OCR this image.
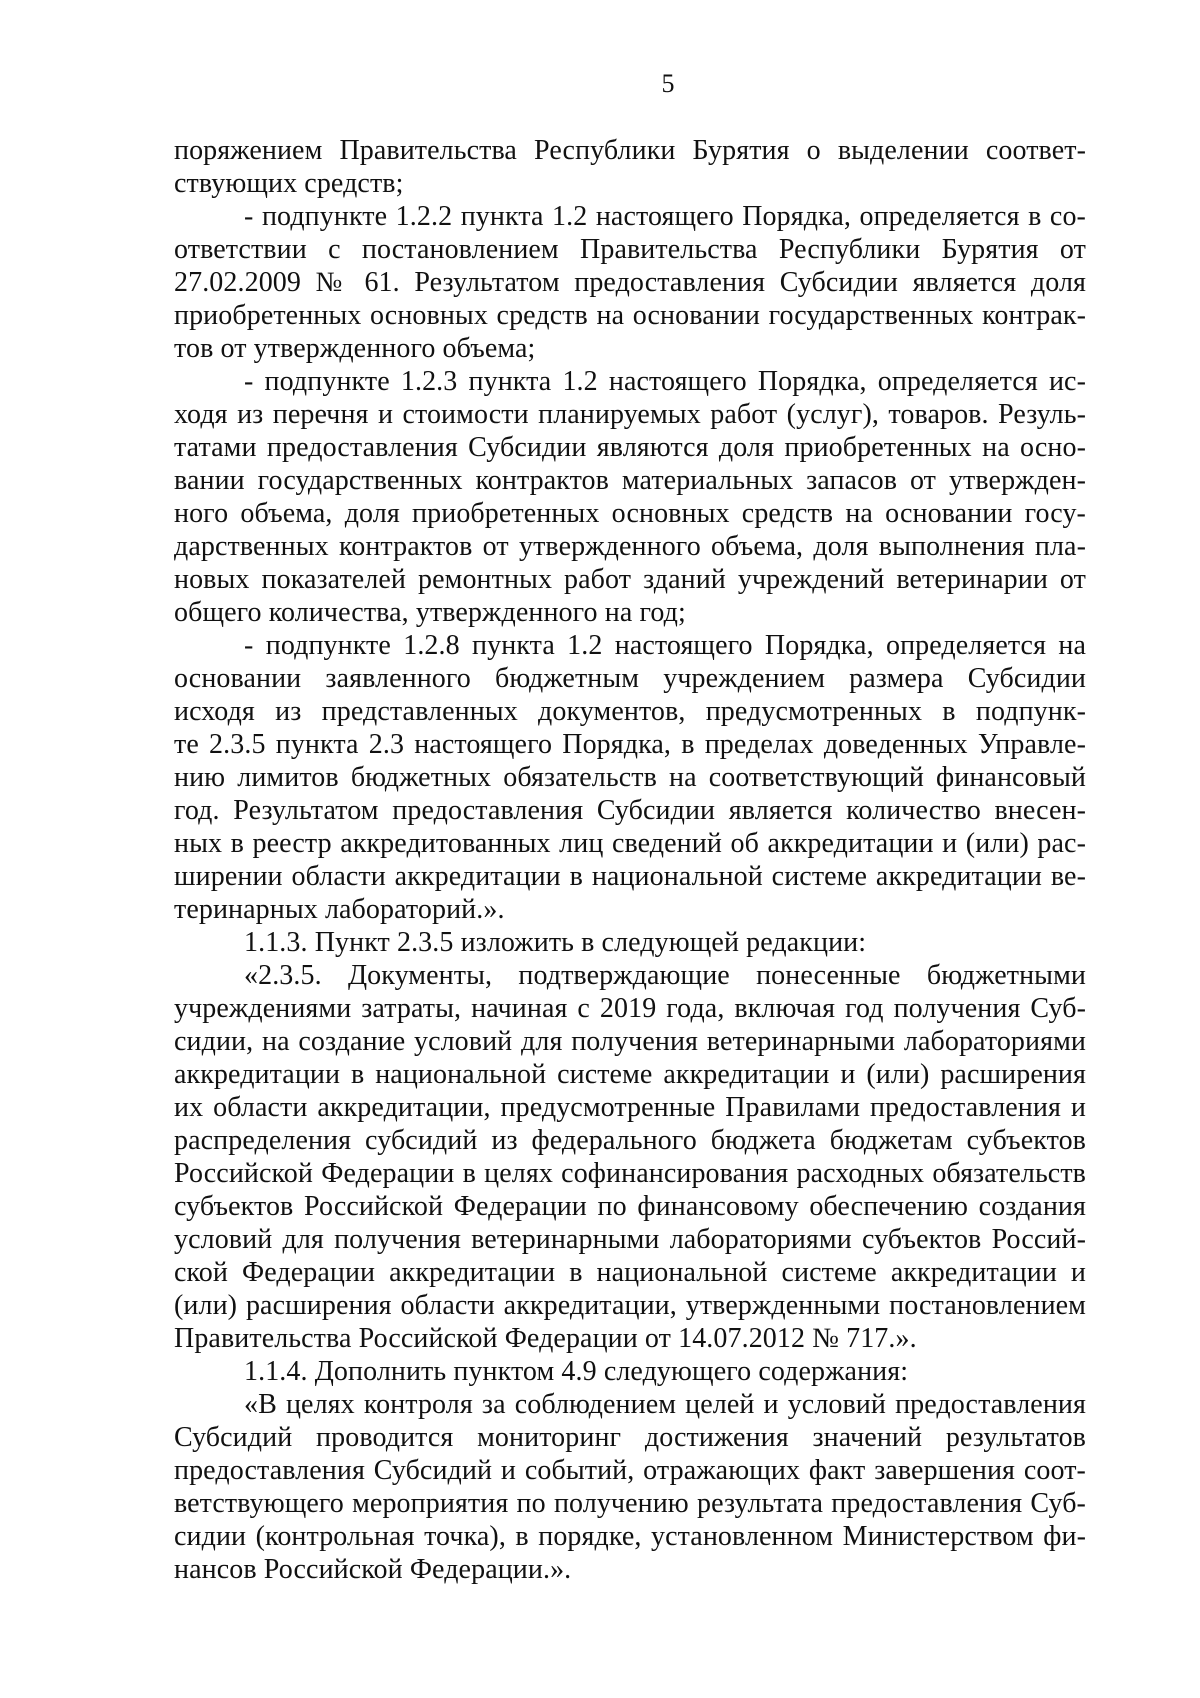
5
поряжением Правительства Республики Бурятия о выделении соответ-
ствующих средств;
- подпункте 1.2.2 пункта 1.2 настоящего Порядка, определяется в со-
ответствии с постановлением Правительства Республики Бурятия от
27.02.2009 № 61. Результатом предоставления Субсидии является доля
приобретенных основных средств на основании государственных контрак-
тов от утвержденного объема;
- подпункте 1.2.3 пункта 1.2 настоящего Порядка, определяется ис-
ходя из перечня и стоимости планируемых работ (услуг), товаров. Резуль-
татами предоставления Субсидии являются доля приобретенных на осно-
вании государственных контрактов материальных запасов от утвержден-
ного объема, доля приобретенных основных средств на основании госу-
дарственных контрактов от утвержденного объема, доля выполнения пла-
новых показателей ремонтных работ зданий учреждений ветеринарии от
общего количества, утвержденного на год;
- подпункте 1.2.8 пункта 1.2 настоящего Порядка, определяется на
основании заявленного бюджетным учреждением размера Субсидии
исходя из представленных документов, предусмотренных в подпунк-
те 2.3.5 пункта 2.3 настоящего Порядка, в пределах доведенных Управле-
нию лимитов бюджетных обязательств на соответствующий финансовый
год. Результатом предоставления Субсидии является количество внесен-
ных в реестр аккредитованных лиц сведений об аккредитации и (или) рас-
ширении области аккредитации в национальной системе аккредитации ве-
теринарных лабораторий.».
1.1.3. Пункт 2.3.5 изложить в следующей редакции:
«2.3.5. Документы, подтверждающие понесенные бюджетными
учреждениями затраты, начиная с 2019 года, включая год получения Суб-
сидии, на создание условий для получения ветеринарными лабораториями
аккредитации в национальной системе аккредитации и (или) расширения
их области аккредитации, предусмотренные Правилами предоставления и
распределения субсидий из федерального бюджета бюджетам субъектов
Российской Федерации в целях софинансирования расходных обязательств
субъектов Российской Федерации по финансовому обеспечению создания
условий для получения ветеринарными лабораториями субъектов Россий-
ской Федерации аккредитации в национальной системе аккредитации и
(или) расширения области аккредитации, утвержденными постановлением
Правительства Российской Федерации от 14.07.2012 № 717.».
1.1.4. Дополнить пунктом 4.9 следующего содержания:
«В целях контроля за соблюдением целей и условий предоставления
Субсидий проводится мониторинг достижения значений результатов
предоставления Субсидий и событий, отражающих факт завершения соот-
ветствующего мероприятия по получению результата предоставления Суб-
сидии (контрольная точка), в порядке, установленном Министерством фи-
нансов Российской Федерации.».
